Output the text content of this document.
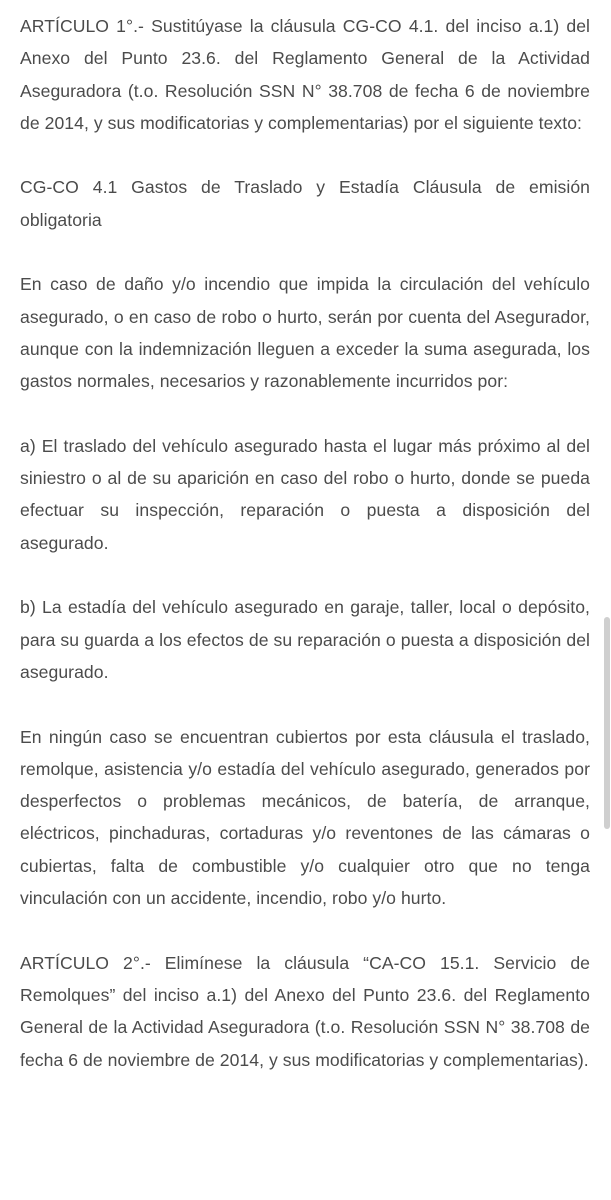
ARTÍCULO 1°.- Sustitúyase la cláusula CG-CO 4.1. del inciso a.1) del Anexo del Punto 23.6. del Reglamento General de la Actividad Aseguradora (t.o. Resolución SSN N° 38.708 de fecha 6 de noviembre de 2014, y sus modificatorias y complementarias) por el siguiente texto:

CG-CO 4.1 Gastos de Traslado y Estadía Cláusula de emisión obligatoria

En caso de daño y/o incendio que impida la circulación del vehículo asegurado, o en caso de robo o hurto, serán por cuenta del Asegurador, aunque con la indemnización lleguen a exceder la suma asegurada, los gastos normales, necesarios y razonablemente incurridos por:

a) El traslado del vehículo asegurado hasta el lugar más próximo al del siniestro o al de su aparición en caso del robo o hurto, donde se pueda efectuar su inspección, reparación o puesta a disposición del asegurado.

b) La estadía del vehículo asegurado en garaje, taller, local o depósito, para su guarda a los efectos de su reparación o puesta a disposición del asegurado.

En ningún caso se encuentran cubiertos por esta cláusula el traslado, remolque, asistencia y/o estadía del vehículo asegurado, generados por desperfectos o problemas mecánicos, de batería, de arranque, eléctricos, pinchaduras, cortaduras y/o reventones de las cámaras o cubiertas, falta de combustible y/o cualquier otro que no tenga vinculación con un accidente, incendio, robo y/o hurto.

ARTÍCULO 2°.- Elimínese la cláusula “CA-CO 15.1. Servicio de Remolques” del inciso a.1) del Anexo del Punto 23.6. del Reglamento General de la Actividad Aseguradora (t.o. Resolución SSN N° 38.708 de fecha 6 de noviembre de 2014, y sus modificatorias y complementarias).
